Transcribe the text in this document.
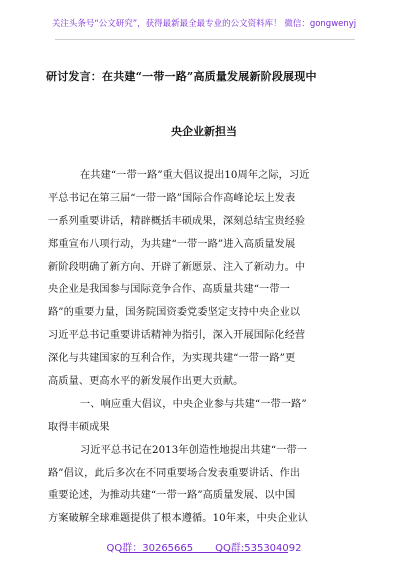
关注头条号“公文研究”，获得最新最全最专业的公文资料库！ 微信：gongwenyj
研讨发言：在共建“一带一路”高质量发展新阶段展现中
央企业新担当
在共建“一带一路”重大倡议提出10周年之际，习近
平总书记在第三届“一带一路”国际合作高峰论坛上发表
一系列重要讲话，精辟概括丰硕成果，深刻总结宝贵经验
郑重宣布八项行动，为共建“一带一路”进入高质量发展
新阶段明确了新方向、开辟了新愿景、注入了新动力。中
央企业是我国参与国际竞争合作、高质量共建“一带一
路”的重要力量，国务院国资委党委坚定支持中央企业以
习近平总书记重要讲话精神为指引，深入开展国际化经营
深化与共建国家的互利合作，为实现共建“一带一路”更
高质量、更高水平的新发展作出更大贡献。
一、响应重大倡议，中央企业参与共建“一带一路”
取得丰硕成果
习近平总书记在2013年创造性地提出共建“一带一
路”倡议，此后多次在不同重要场合发表重要讲话、作出
重要论述，为推动共建“一带一路”高质量发展、以中国
方案破解全球难题提供了根本遵循。10年来，中央企业认
QQ群：30265665 QQ群:535304092
